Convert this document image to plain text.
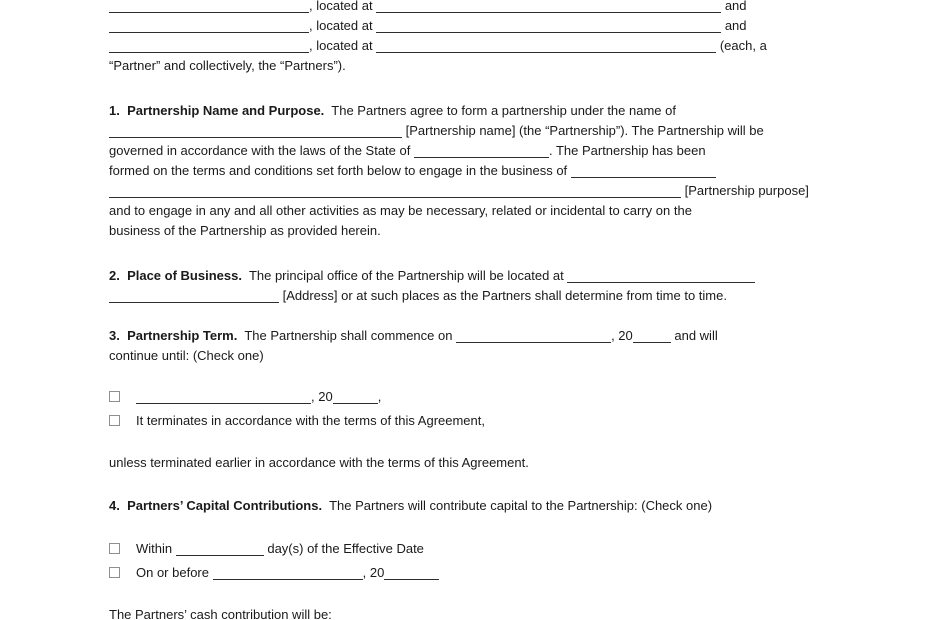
, located at	and
, located at	and
, located at	(each, a
“Partner” and collectively, the “Partners”).
1.  Partnership Name and Purpose.  The Partners agree to form a partnership under the name of
[Partnership name] (the “Partnership”). The Partnership will be
governed in accordance with the laws of the State of	. The Partnership has been
formed on the terms and conditions set forth below to engage in the business of
[Partnership purpose]
and to engage in any and all other activities as may be necessary, related or incidental to carry on the
business of the Partnership as provided herein.
2.  Place of Business.  The principal office of the Partnership will be located at
[Address] or at such places as the Partners shall determine from time to time.
3.  Partnership Term.  The Partnership shall commence on	, 20	and will
continue until: (Check one)
, 20	,
It terminates in accordance with the terms of this Agreement,
unless terminated earlier in accordance with the terms of this Agreement.
4.  Partners’ Capital Contributions.  The Partners will contribute capital to the Partnership: (Check one)
Within	day(s) of the Effective Date
On or before	, 20
The Partners’ cash contribution will be:
